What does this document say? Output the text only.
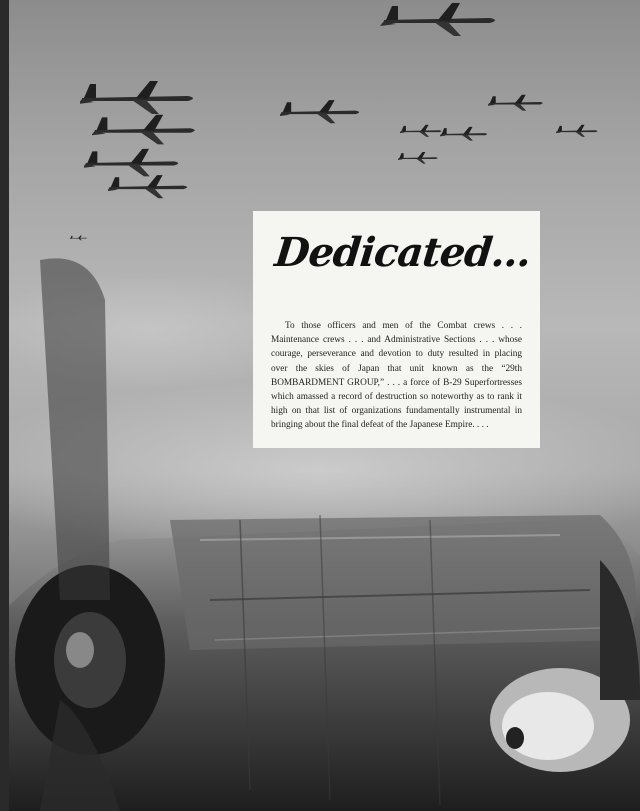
Dedicated...
To those officers and men of the Combat crews . . . Maintenance crews . . . and Administrative Sections . . . whose courage, perseverance and devotion to duty resulted in placing over the skies of Japan that unit known as the “29th BOMBARDMENT GROUP,” . . . a force of B-29 Superfortresses which amassed a record of destruction so noteworthy as to rank it high on that list of organizations fundamentally instrumental in bringing about the final defeat of the Japanese Empire. . . .
